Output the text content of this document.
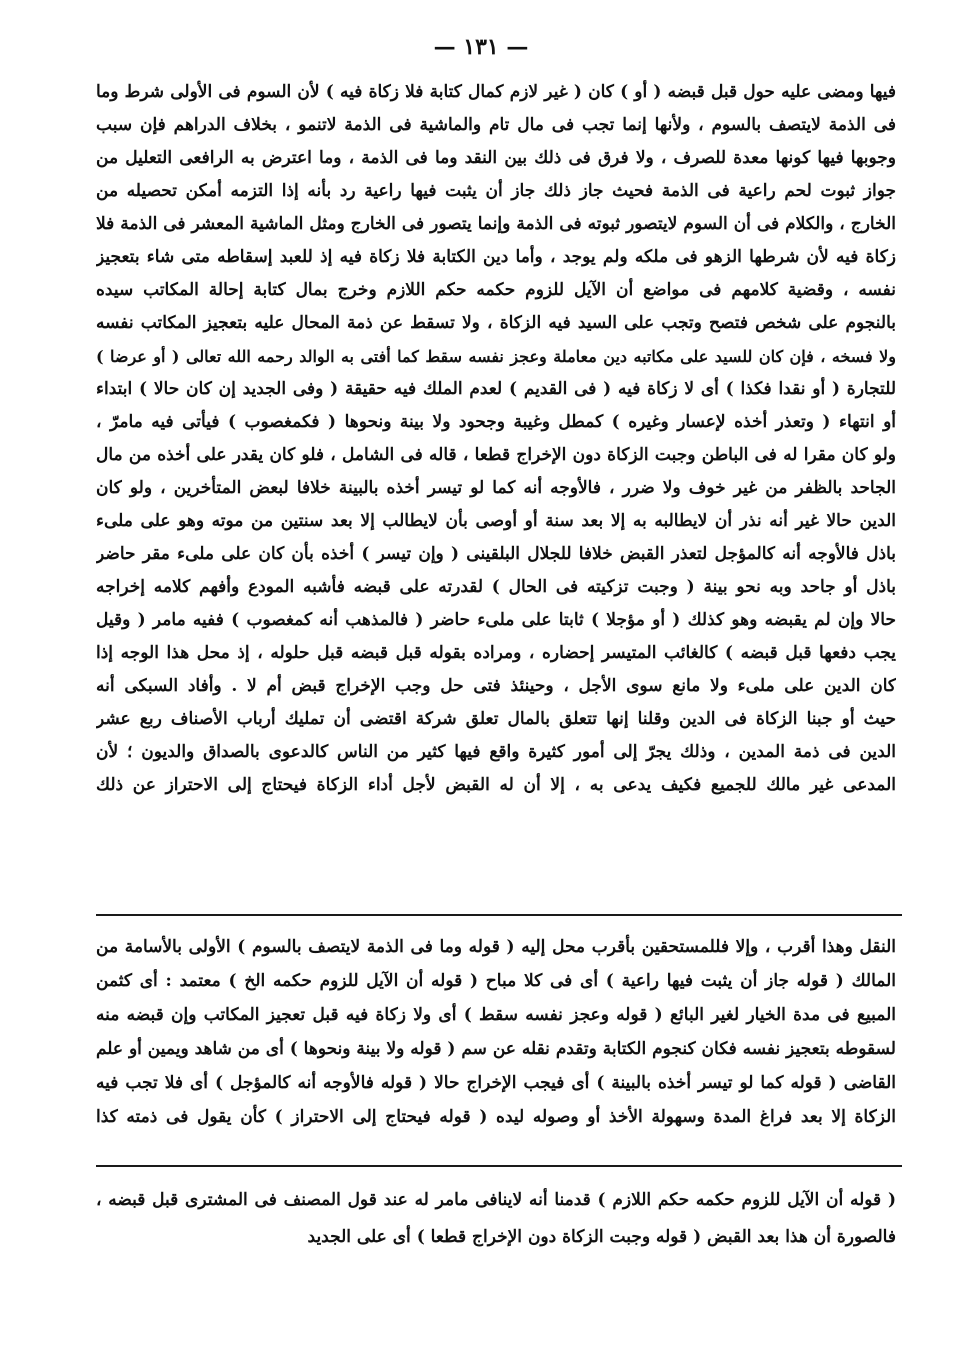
— ١٣١ —
فيها ومضى عليه حول قبل قبضه ( أو ) كان ( غير لازم كمال كتابة فلا زكاة فيه ) لأن السوم فى الأولى شرط وما
فى الذمة لايتصف بالسوم ، ولأنها إنما تجب فى مال تام والماشية فى الذمة لاتنمو ، بخلاف الدراهم فإن سبب
وجوبها فيها كونها معدة للصرف ، ولا فرق فى ذلك بين النقد وما فى الذمة ، وما اعترض به الرافعى التعليل من
جواز ثبوت لحم راعية فى الذمة فحيث جاز ذلك جاز أن يثبت فيها راعية رد بأنه إذا التزمه أمكن تحصيله من
الخارج ، والكلام فى أن السوم لايتصور ثبوته فى الذمة وإنما يتصور فى الخارج ومثل الماشية المعشر فى الذمة فلا
زكاة فيه لأن شرطها الزهو فى ملكه ولم يوجد ، وأما دين الكتابة فلا زكاة فيه إذ للعبد إسقاطه متى شاء بتعجيز
نفسه ، وقضية كلامهم فى مواضع أن الآيل للزوم حكمه حكم اللازم وخرج بمال كتابة إحالة المكاتب سيده
بالنجوم على شخص فتصح وتجب على السيد فيه الزكاة ، ولا تسقط عن ذمة المحال عليه بتعجيز المكاتب نفسه
ولا فسخه ، فإن كان للسيد على مكاتبه دين معاملة وعجز نفسه سقط كما أفتى به الوالد رحمه الله تعالى ( أو عرضا )
للتجارة ( أو نقدا فكذا ) أى لا زكاة فيه ( فى القديم ) لعدم الملك فيه حقيقة ( وفى الجديد إن كان حالا ) ابتداء
أو انتهاء ( وتعذر أخذه لإعسار وغيره ) كمطل وغيبة وجحود ولا بينة ونحوها ( فكمغصوب ) فيأتى فيه مامرّ ،
ولو كان مقرا له فى الباطن وجبت الزكاة دون الإخراج قطعا ، قاله فى الشامل ، فلو كان يقدر على أخذه من مال
الجاحد بالظفر من غير خوف ولا ضرر ، فالأوجه أنه كما لو تيسر أخذه بالبينة خلافا لبعض المتأخرين ، ولو كان
الدين حالا غير أنه نذر أن لايطالبه به إلا بعد سنة أو أوصى بأن لايطالب إلا بعد سنتين من موته وهو على ملىء
باذل فالأوجه أنه كالمؤجل لتعذر القبض خلافا للجلال البلقينى ( وإن تيسر ) أخذه بأن كان على ملىء مقر حاضر
باذل أو جاحد وبه نحو بينة ( وجبت تزكيته فى الحال ) لقدرته على قبضه فأشبه المودع وأفهم كلامه إخراجه
حالا وإن لم يقبضه وهو كذلك ( أو مؤجلا ) ثابتا على ملىء حاضر ( فالمذهب أنه كمغصوب ) ففيه مامر ( وقيل
يجب دفعها قبل قبضه ) كالغائب المتيسر إحضاره ، ومراده بقوله قبل قبضه قبل حلوله ، إذ محل هذا الوجه إذا
كان الدين على ملىء ولا مانع سوى الأجل ، وحينئذ فتى حل وجب الإخراج قبض أم لا . وأفاد السبكى أنه
حيث أو جبنا الزكاة فى الدين وقلنا إنها تتعلق بالمال تعلق شركة اقتضى أن تمليك أرباب الأصناف ربع عشر
الدين فى ذمة المدين ، وذلك يجرّ إلى أمور كثيرة واقع فيها كثير من الناس كالدعوى بالصداق والديون ؛ لأن
المدعى غير مالك للجميع فكيف يدعى به ، إلا أن له القبض لأجل أداء الزكاة فيحتاج إلى الاحتراز عن ذلك
النقل وهذا أقرب ، وإلا فللمستحقين بأقرب محل إليه ( قوله وما فى الذمة لايتصف بالسوم ) الأولى بالأسامة من
المالك ( قوله جاز أن يثبت فيها راعية ) أى فى كلا مباح ( قوله أن الآيل للزوم حكمه الخ ) معتمد : أى كثمن
المبيع فى مدة الخيار لغير البائع ( قوله وعجز نفسه سقط ) أى ولا زكاة فيه قبل تعجيز المكاتب وإن قبضه منه
لسقوطه بتعجيز نفسه فكان كنجوم الكتابة وتقدم نقله عن سم ( قوله ولا بينة ونحوها ) أى من شاهد ويمين أو علم
القاضى ( قوله كما لو تيسر أخذه بالبينة ) أى فيجب الإخراج حالا ( قوله فالأوجه أنه كالمؤجل ) أى فلا تجب فيه
الزكاة إلا بعد فراغ المدة وسهولة الأخذ أو وصوله ليده ( قوله فيحتاج إلى الاحتراز ) كأن يقول فى ذمته كذا
( قوله أن الآيل للزوم حكمه حكم اللازم ) قدمنا أنه لاينافى مامر له عند قول المصنف فى المشترى قبل قبضه ،
فالصورة أن هذا بعد القبض ( قوله وجبت الزكاة دون الإخراج قطعا ) أى على الجديد
